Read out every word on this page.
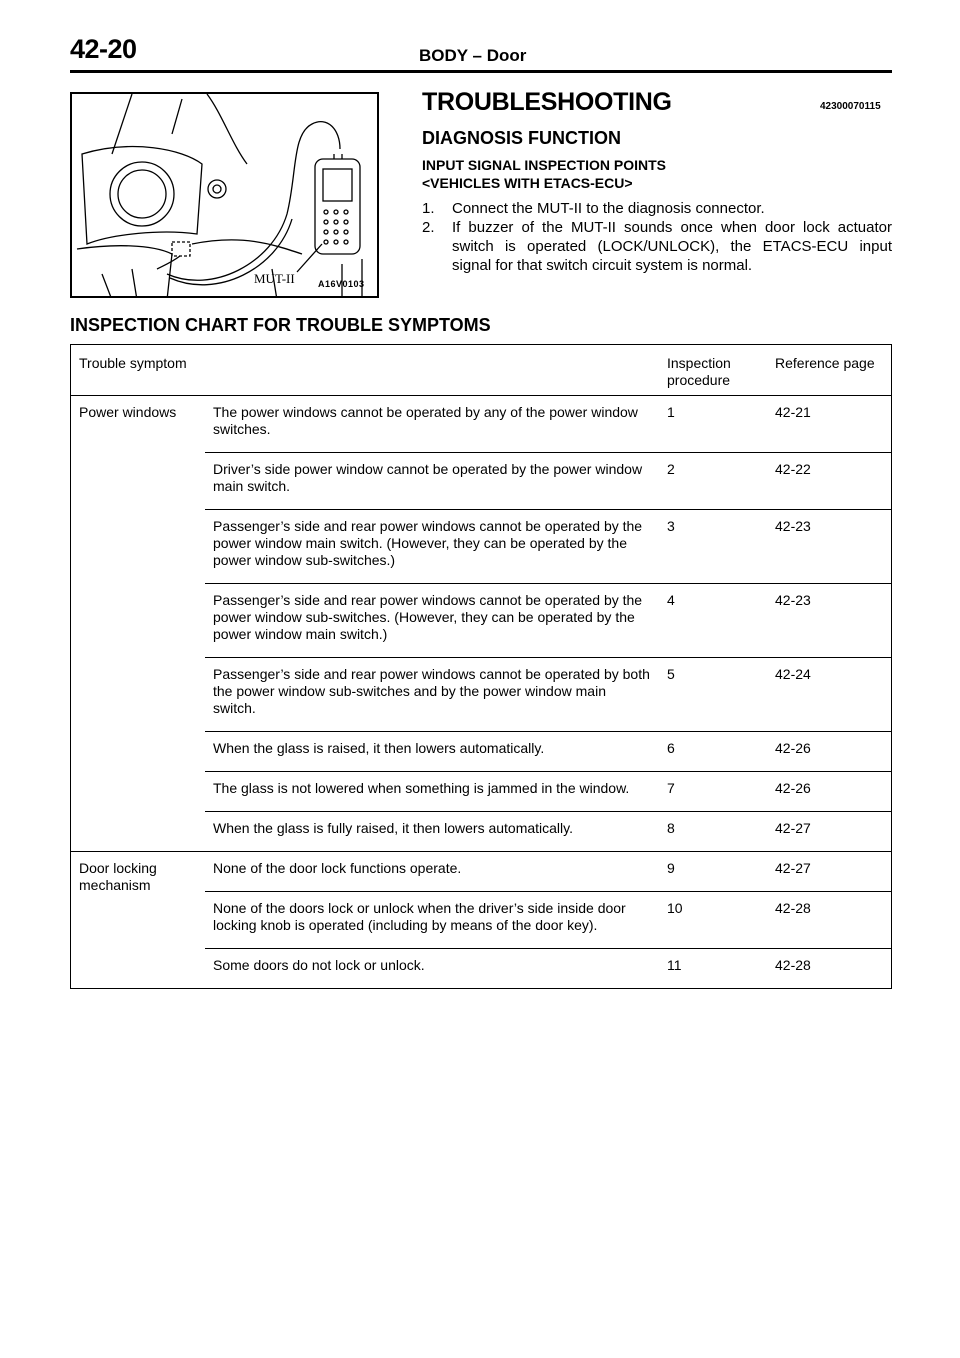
42-20	BODY – Door
MUT-II	A16V0103
TROUBLESHOOTING	42300070115
DIAGNOSIS FUNCTION
INPUT SIGNAL INSPECTION POINTS
<VEHICLES WITH ETACS-ECU>
1. Connect the MUT-II to the diagnosis connector.
2. If buzzer of the MUT-II sounds once when door lock actuator switch is operated (LOCK/UNLOCK), the ETACS-ECU input signal for that switch circuit system is normal.
INSPECTION CHART FOR TROUBLE SYMPTOMS
Trouble symptom		Inspection procedure	Reference page
Power windows	The power windows cannot be operated by any of the power window switches.	1	42-21
	Driver’s side power window cannot be operated by the power window main switch.	2	42-22
	Passenger’s side and rear power windows cannot be operated by the power window main switch. (However, they can be operated by the power window sub-switches.)	3	42-23
	Passenger’s side and rear power windows cannot be operated by the power window sub-switches. (However, they can be operated by the power window main switch.)	4	42-23
	Passenger’s side and rear power windows cannot be operated by both the power window sub-switches and by the power window main switch.	5	42-24
	When the glass is raised, it then lowers automatically.	6	42-26
	The glass is not lowered when something is jammed in the window.	7	42-26
	When the glass is fully raised, it then lowers automatically.	8	42-27
Door locking mechanism	None of the door lock functions operate.	9	42-27
	None of the doors lock or unlock when the driver’s side inside door locking knob is operated (including by means of the door key).	10	42-28
	Some doors do not lock or unlock.	11	42-28
